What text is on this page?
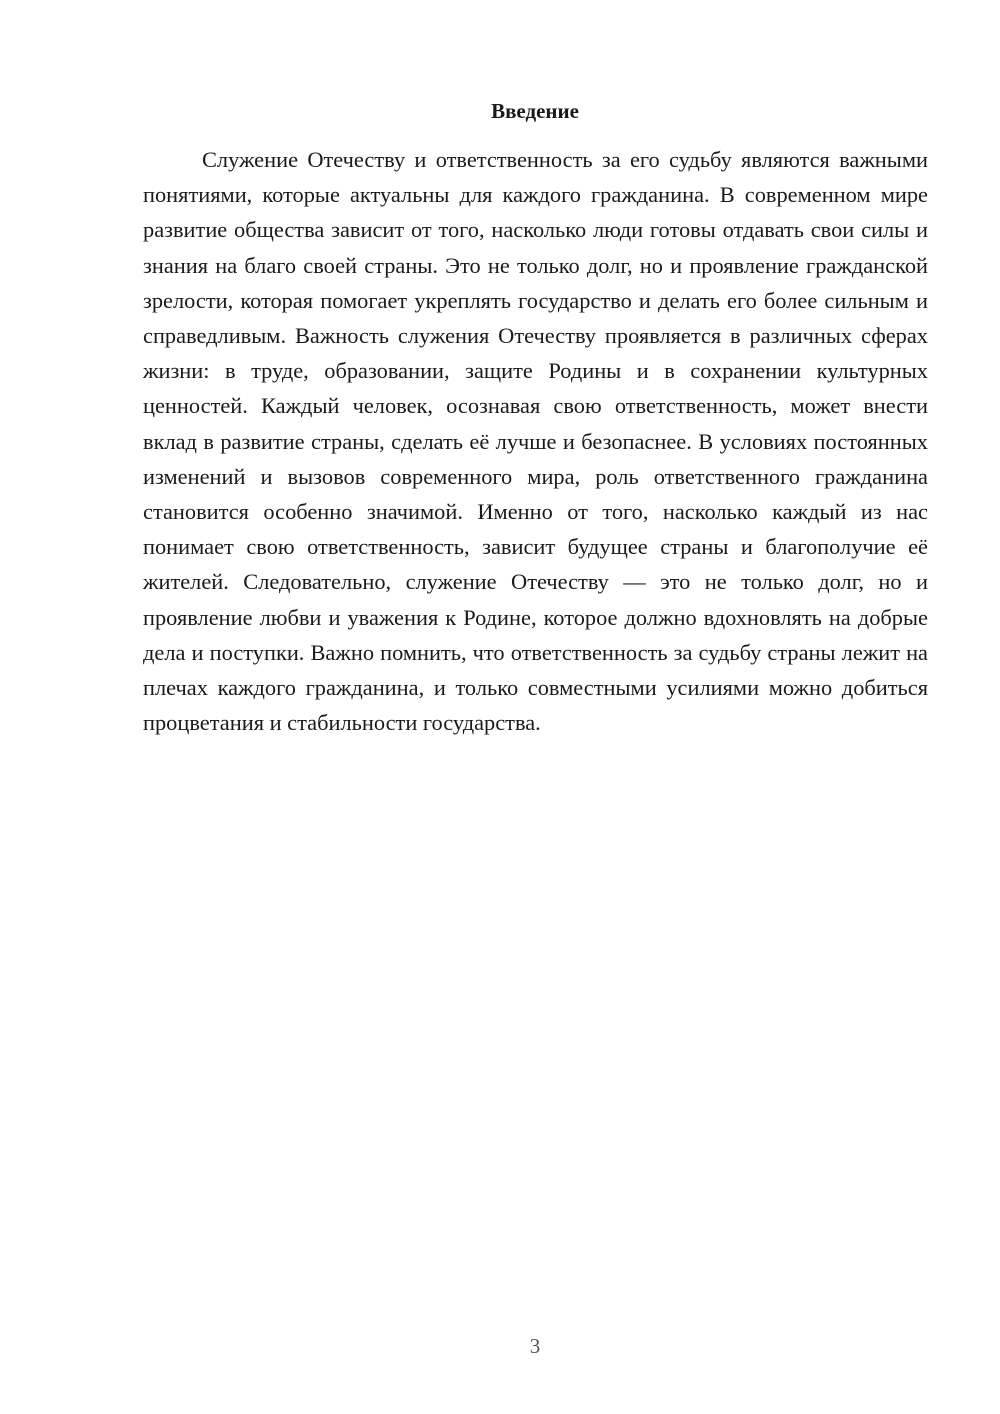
Введение

Служение Отечеству и ответственность за его судьбу являются важными понятиями, которые актуальны для каждого гражданина. В современном мире развитие общества зависит от того, насколько люди готовы отдавать свои силы и знания на благо своей страны. Это не только долг, но и проявление гражданской зрелости, которая помогает укреплять государство и делать его более сильным и справедливым. Важность служения Отечеству проявляется в различных сферах жизни: в труде, образовании, защите Родины и в сохранении культурных ценностей. Каждый человек, осознавая свою ответственность, может внести вклад в развитие страны, сделать её лучше и безопаснее. В условиях постоянных изменений и вызовов современного мира, роль ответственного гражданина становится особенно значимой. Именно от того, насколько каждый из нас понимает свою ответственность, зависит будущее страны и благополучие её жителей. Следовательно, служение Отечеству — это не только долг, но и проявление любви и уважения к Родине, которое должно вдохновлять на добрые дела и поступки. Важно помнить, что ответственность за судьбу страны лежит на плечах каждого гражданина, и только совместными усилиями можно добиться процветания и стабильности государства.

3
